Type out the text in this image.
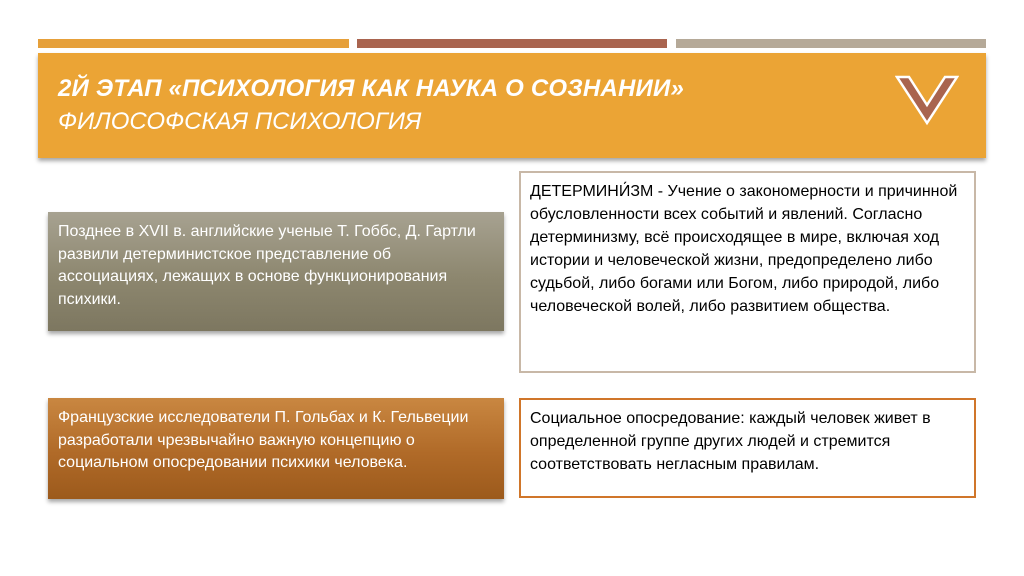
2Й ЭТАП «ПСИХОЛОГИЯ КАК НАУКА О СОЗНАНИИ»
ФИЛОСОФСКАЯ ПСИХОЛОГИЯ
Позднее в XVII в. английские ученые Т. Гоббс, Д. Гартли развили детерминистское представление об ассоциациях, лежащих в основе функционирования психики.
ДЕТЕРМИНИ́ЗМ - Учение о закономерности и причинной обусловленности всех событий и явлений. Согласно детерминизму, всё происходящее в мире, включая ход истории и человеческой жизни, предопределено либо судьбой, либо богами или Богом, либо природой, либо человеческой волей, либо развитием общества.
Французские исследователи П. Гольбах и К. Гельвеции разработали чрезвычайно важную концепцию о социальном опосредовании психики человека.
Социальное опосредование: каждый человек живет в определенной группе других людей и стремится соответствовать негласным правилам.
